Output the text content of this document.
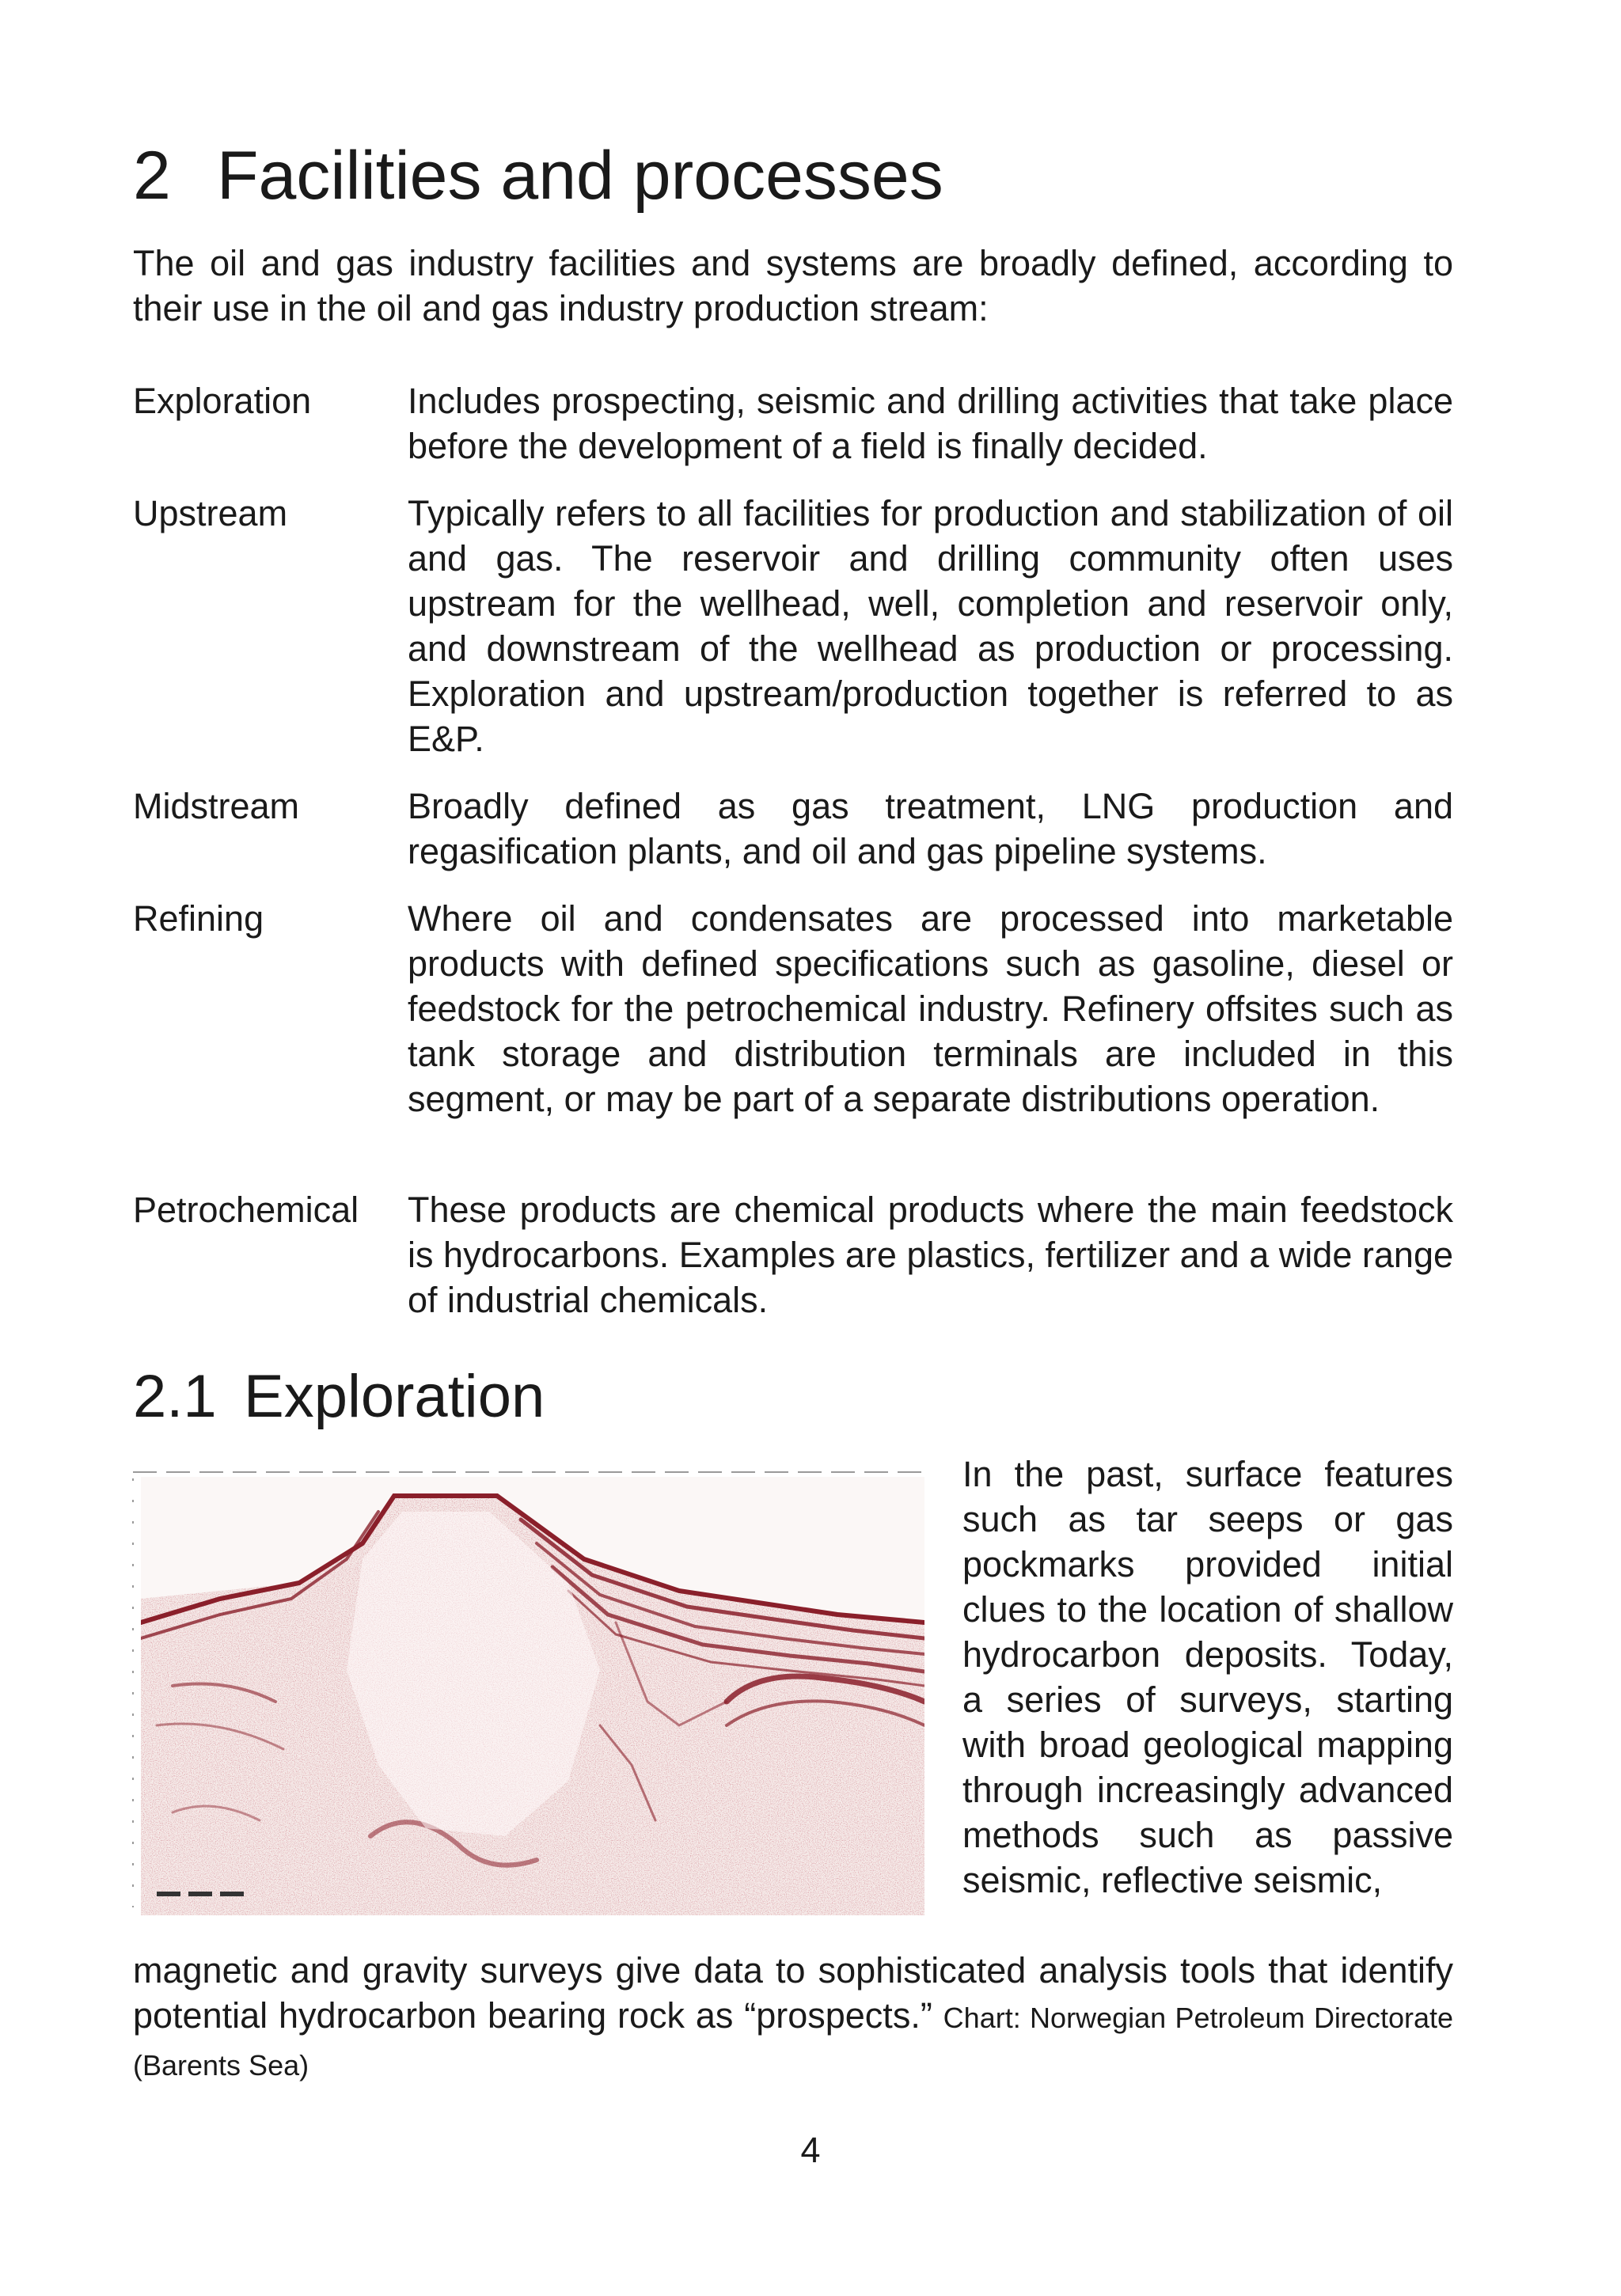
2 Facilities and processes
The oil and gas industry facilities and systems are broadly defined, according to their use in the oil and gas industry production stream:
Exploration	Includes prospecting, seismic and drilling activities that take place before the development of a field is finally decided.
Upstream	Typically refers to all facilities for production and stabilization of oil and gas. The reservoir and drilling community often uses upstream for the wellhead, well, completion and reservoir only, and downstream of the wellhead as production or processing. Exploration and upstream/production together is referred to as E&P.
Midstream	Broadly defined as gas treatment, LNG production and regasification plants, and oil and gas pipeline systems.
Refining	Where oil and condensates are processed into marketable products with defined specifications such as gasoline, diesel or feedstock for the petrochemical industry. Refinery offsites such as tank storage and distribution terminals are included in this segment, or may be part of a separate distributions operation.
Petrochemical These products are chemical products where the main feedstock is hydrocarbons. Examples are plastics, fertilizer and a wide range of industrial chemicals.
2.1 Exploration
In the past, surface features such as tar seeps or gas pockmarks provided initial clues to the location of shallow hydrocarbon deposits. Today, a series of surveys, starting with broad geological mapping through increasingly advanced methods such as passive seismic, reflective seismic,
magnetic and gravity surveys give data to sophisticated analysis tools that identify potential hydrocarbon bearing rock as “prospects.” Chart: Norwegian Petroleum Directorate (Barents Sea)
4
